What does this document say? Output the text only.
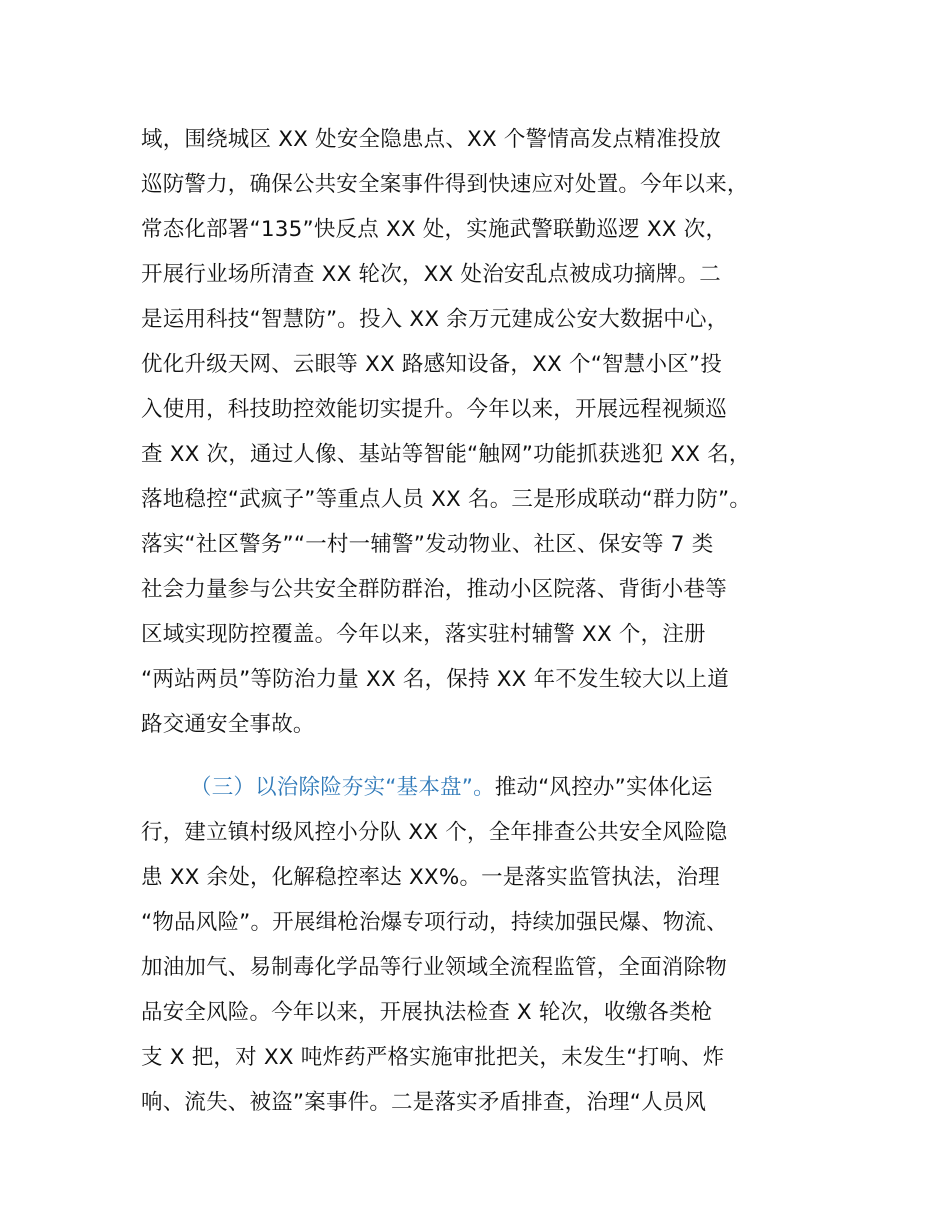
域，围绕城区 XX 处安全隐患点、XX 个警情高发点精准投放
巡防警力，确保公共安全案事件得到快速应对处置。今年以来，
常态化部署“135”快反点 XX 处，实施武警联勤巡逻 XX 次，
开展行业场所清查 XX 轮次，XX 处治安乱点被成功摘牌。二
是运用科技“智慧防”。投入 XX 余万元建成公安大数据中心，
优化升级天网、云眼等 XX 路感知设备，XX 个“智慧小区”投
入使用，科技助控效能切实提升。今年以来，开展远程视频巡
查 XX 次，通过人像、基站等智能“触网”功能抓获逃犯 XX 名，
落地稳控“武疯子”等重点人员 XX 名。三是形成联动“群力防”。
落实“社区警务”“一村一辅警”发动物业、社区、保安等 7 类
社会力量参与公共安全群防群治，推动小区院落、背街小巷等
区域实现防控覆盖。今年以来，落实驻村辅警 XX 个，注册
“两站两员”等防治力量 XX 名，保持 XX 年不发生较大以上道
路交通安全事故。
（三）以治除险夯实“基本盘”。推动“风控办”实体化运
行，建立镇村级风控小分队 XX 个，全年排查公共安全风险隐
患 XX 余处，化解稳控率达 XX%。一是落实监管执法，治理
“物品风险”。开展缉枪治爆专项行动，持续加强民爆、物流、
加油加气、易制毒化学品等行业领域全流程监管，全面消除物
品安全风险。今年以来，开展执法检查 X 轮次，收缴各类枪
支 X 把，对 XX 吨炸药严格实施审批把关，未发生“打响、炸
响、流失、被盗”案事件。二是落实矛盾排查，治理“人员风
